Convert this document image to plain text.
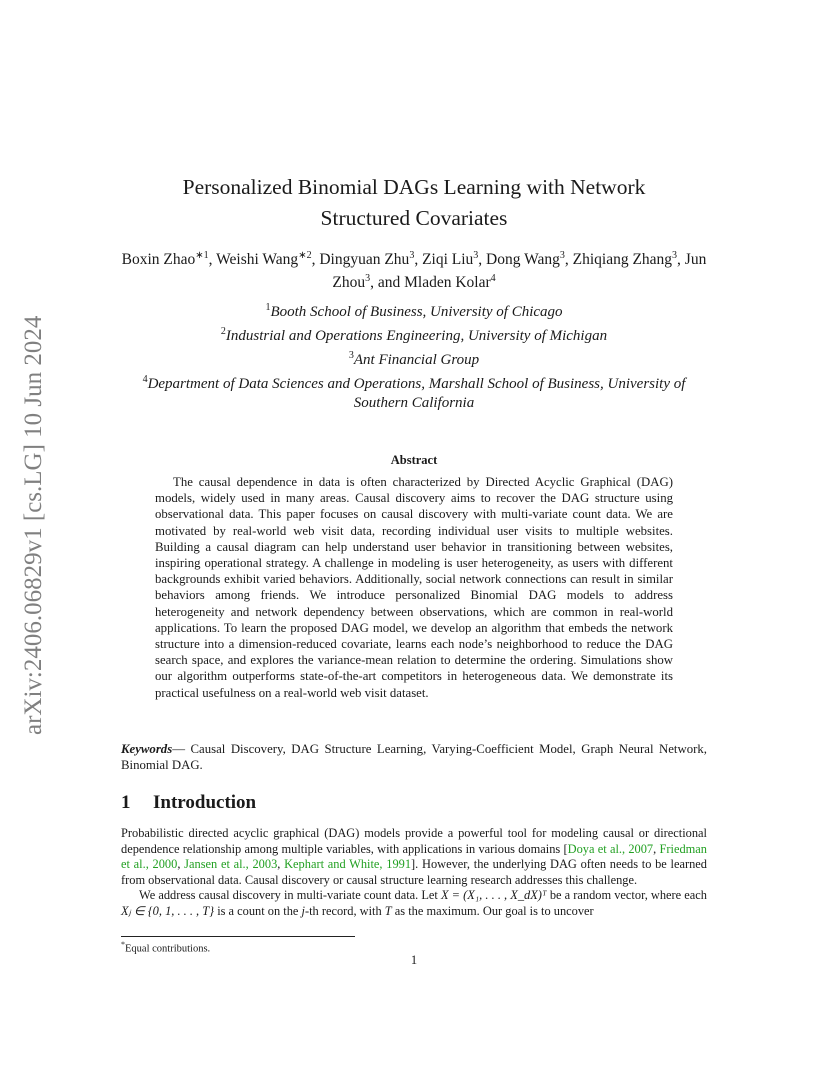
arXiv:2406.06829v1 [cs.LG] 10 Jun 2024
Personalized Binomial DAGs Learning with Network Structured Covariates
Boxin Zhao$^{∗1}$, Weishi Wang$^{∗2}$, Dingyuan Zhu$^3$, Ziqi Liu$^3$, Dong Wang$^3$, Zhiqiang Zhang$^3$, Jun Zhou$^3$, and Mladen Kolar$^4$
$^1$Booth School of Business, University of Chicago
$^2$Industrial and Operations Engineering, University of Michigan
$^3$Ant Financial Group
$^4$Department of Data Sciences and Operations, Marshall School of Business, University of Southern California
Abstract
The causal dependence in data is often characterized by Directed Acyclic Graphical (DAG) models, widely used in many areas. Causal discovery aims to recover the DAG structure using observational data. This paper focuses on causal discovery with multi-variate count data. We are motivated by real-world web visit data, recording individual user visits to multiple websites. Building a causal diagram can help understand user behavior in transitioning between websites, inspiring operational strategy. A challenge in modeling is user heterogeneity, as users with different backgrounds exhibit varied behaviors. Additionally, social network connections can result in similar behaviors among friends. We introduce personalized Binomial DAG models to address heterogeneity and network dependency between observations, which are common in real-world applications. To learn the proposed DAG model, we develop an algorithm that embeds the network structure into a dimension-reduced covariate, learns each node’s neighborhood to reduce the DAG search space, and explores the variance-mean relation to determine the ordering. Simulations show our algorithm outperforms state-of-the-art competitors in heterogeneous data. We demonstrate its practical usefulness on a real-world web visit dataset.
Keywords— Causal Discovery, DAG Structure Learning, Varying-Coefficient Model, Graph Neural Network, Binomial DAG.
1 Introduction

Probabilistic directed acyclic graphical (DAG) models provide a powerful tool for modeling causal or directional dependence relationship among multiple variables, with applications in various domains [Doya et al., 2007, Friedman et al., 2000, Jansen et al., 2003, Kephart and White, 1991]. However, the underlying DAG often needs to be learned from observational data. Causal discovery or causal structure learning research addresses this challenge.

We address causal discovery in multi-variate count data. Let X = (X₁, . . . , X_dX)ᵀ be a random vector, where each Xⱼ ∈ {0, 1, . . . , T} is a count on the j-th record, with T as the maximum. Our goal is to uncover

*Equal contributions.
1
